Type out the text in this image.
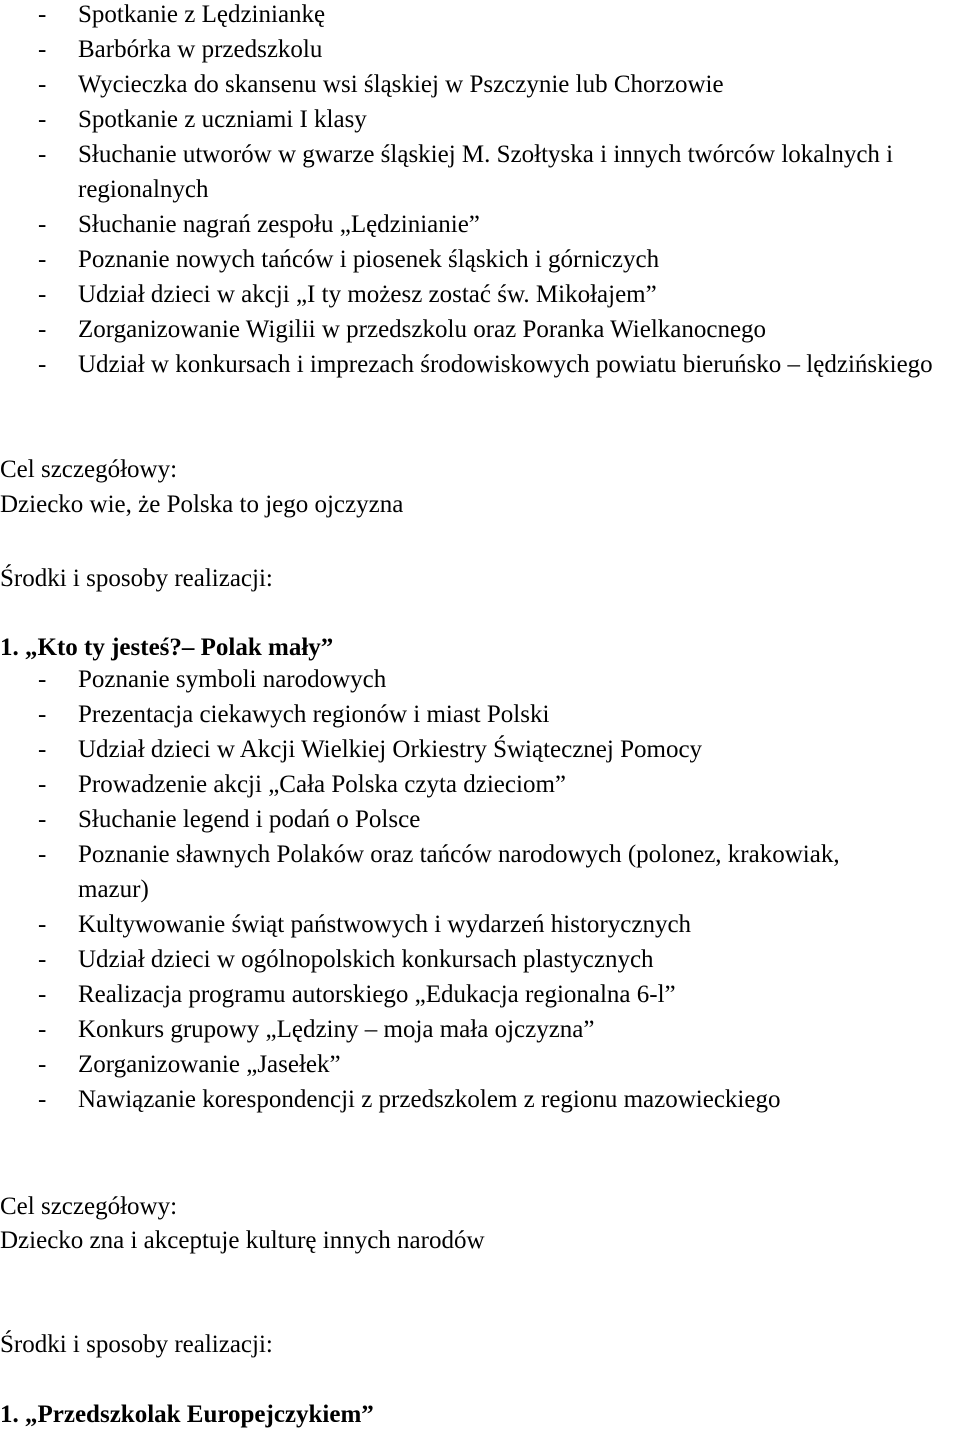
- Spotkanie z Lędziniankę
- Barbórka w przedszkolu
- Wycieczka do skansenu wsi śląskiej w Pszczynie lub Chorzowie
- Spotkanie z uczniami I klasy
- Słuchanie utworów w gwarze śląskiej M. Szołtyska i innych twórców lokalnych i regionalnych
- Słuchanie nagrań zespołu „Lędzinianie”
- Poznanie nowych tańców i piosenek śląskich i górniczych
- Udział dzieci w akcji „I ty możesz zostać św. Mikołajem”
- Zorganizowanie Wigilii w przedszkolu oraz Poranka Wielkanocnego
- Udział w konkursach i imprezach środowiskowych powiatu bieruńsko – lędzińskiego
Cel szczegółowy:
Dziecko wie, że Polska to jego ojczyzna
Środki i sposoby realizacji:
1. „Kto ty jesteś?– Polak mały”
- Poznanie symboli narodowych
- Prezentacja ciekawych regionów i miast Polski
- Udział dzieci w Akcji Wielkiej Orkiestry Świątecznej Pomocy
- Prowadzenie akcji „Cała Polska czyta dzieciom”
- Słuchanie legend i podań o Polsce
- Poznanie sławnych Polaków oraz tańców narodowych (polonez, krakowiak, mazur)
- Kultywowanie świąt państwowych i wydarzeń historycznych
- Udział dzieci w ogólnopolskich konkursach plastycznych
- Realizacja programu autorskiego „Edukacja regionalna 6-l”
- Konkurs grupowy „Lędziny – moja mała ojczyzna”
- Zorganizowanie „Jasełek”
- Nawiązanie korespondencji z przedszkolem z regionu mazowieckiego
Cel szczegółowy:
Dziecko zna i akceptuje kulturę innych narodów
Środki i sposoby realizacji:
1. „Przedszkolak Europejczykiem”
